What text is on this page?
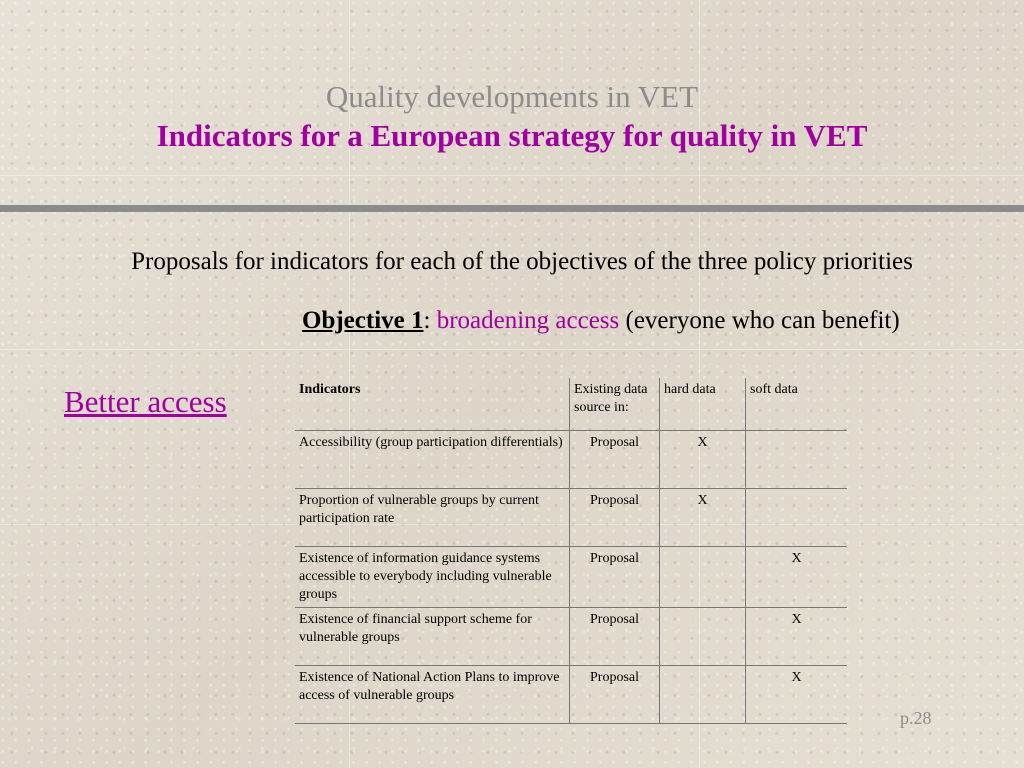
Quality developments in VET
Indicators for a European strategy for quality in VET
Proposals for indicators for each of the objectives of the three policy priorities
Objective 1: broadening access (everyone who can benefit)
Better access	Indicators	Existing data source in:	hard data	soft data
Accessibility (group participation differentials)	Proposal	X	
Proportion of vulnerable groups by current participation rate	Proposal	X	
Existence of information guidance systems accessible to everybody including vulnerable groups	Proposal		X
Existence of financial support scheme for vulnerable groups	Proposal		X
Existence of National Action Plans to improve access of vulnerable groups	Proposal		X
p.28
